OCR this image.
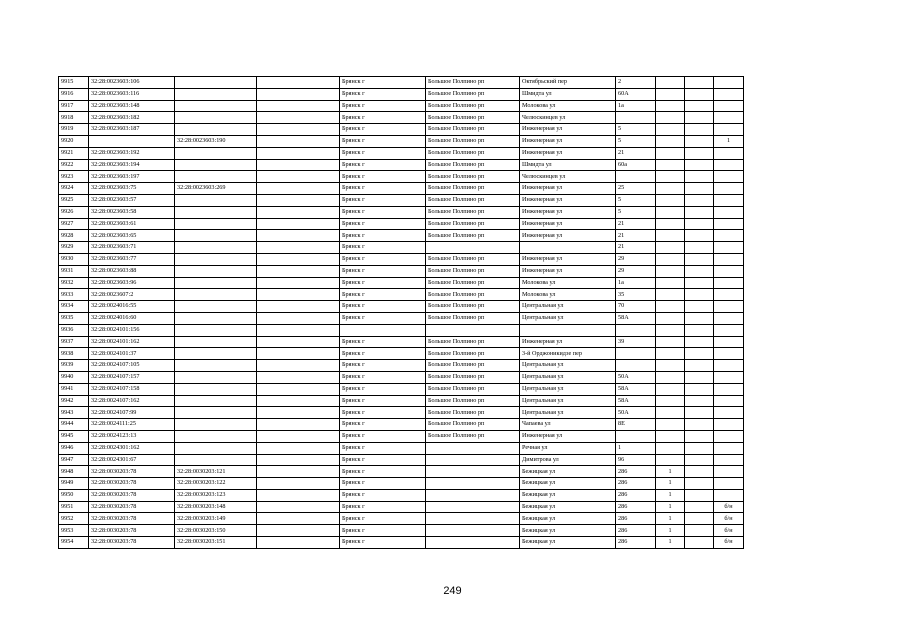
9915	32:28:0023603:106			Брянск г	Большое Полпино рп	Октябрьский пер	2			
9916	32:28:0023603:116			Брянск г	Большое Полпино рп	Шмидта ул	60А			
9917	32:28:0023603:148			Брянск г	Большое Полпино рп	Молокова ул	1а			
9918	32:28:0023603:182			Брянск г	Большое Полпино рп	Челюскинцев ул				
9919	32:28:0023603:187			Брянск г	Большое Полпино рп	Инженерная ул	5			
9920		32:28:0023603:190		Брянск г	Большое Полпино рп	Инженерная ул	5			1
9921	32:28:0023603:192			Брянск г	Большое Полпино рп	Инженерная ул	21			
9922	32:28:0023603:194			Брянск г	Большое Полпино рп	Шмидта ул	60а			
9923	32:28:0023603:197			Брянск г	Большое Полпино рп	Челюскинцев ул				
9924	32:28:0023603:75	32:28:0023603:269		Брянск г	Большое Полпино рп	Инженерная ул	25			
9925	32:28:0023603:57			Брянск г	Большое Полпино рп	Инженерная ул	5			
9926	32:28:0023603:58			Брянск г	Большое Полпино рп	Инженерная ул	5			
9927	32:28:0023603:61			Брянск г	Большое Полпино рп	Инженерная ул	21			
9928	32:28:0023603:65			Брянск г	Большое Полпино рп	Инженерная ул	21			
9929	32:28:0023603:71			Брянск г			21			
9930	32:28:0023603:77			Брянск г	Большое Полпино рп	Инженерная ул	29			
9931	32:28:0023603:88			Брянск г	Большое Полпино рп	Инженерная ул	29			
9932	32:28:0023603:96			Брянск г	Большое Полпино рп	Молокова ул	1а			
9933	32:28:0023607:2			Брянск г	Большое Полпино рп	Молокова ул	35			
9934	32:28:0024016:55			Брянск г	Большое Полпино рп	Центральная ул	70			
9935	32:28:0024016:60			Брянск г	Большое Полпино рп	Центральная ул	58А			
9936	32:28:0024101:156									
9937	32:28:0024101:162			Брянск г	Большое Полпино рп	Инженерная ул	39			
9938	32:28:0024101:37			Брянск г	Большое Полпино рп	3-й Орджоникидзе пер				
9939	32:28:0024107:105			Брянск г	Большое Полпино рп	Центральная ул				
9940	32:28:0024107:157			Брянск г	Большое Полпино рп	Центральная ул	50А			
9941	32:28:0024107:158			Брянск г	Большое Полпино рп	Центральная ул	58А			
9942	32:28:0024107:162			Брянск г	Большое Полпино рп	Центральная ул	58А			
9943	32:28:0024107:99			Брянск г	Большое Полпино рп	Центральная ул	50А			
9944	32:28:0024111:25			Брянск г	Большое Полпино рп	Чапаева ул	8Е			
9945	32:28:0024123:13			Брянск г	Большое Полпино рп	Инженерная ул				
9946	32:28:0024301:162			Брянск г		Речная ул	1			
9947	32:28:0024301:67			Брянск г		Димитрова ул	96			
9948	32:28:0030203:78	32:28:0030203:121		Брянск г		Бежицкая ул	286	1		
9949	32:28:0030203:78	32:28:0030203:122		Брянск г		Бежицкая ул	286	1		
9950	32:28:0030203:78	32:28:0030203:123		Брянск г		Бежицкая ул	286	1		
9951	32:28:0030203:78	32:28:0030203:148		Брянск г		Бежицкая ул	286	1		б/н
9952	32:28:0030203:78	32:28:0030203:149		Брянск г		Бежицкая ул	286	1		б/н
9953	32:28:0030203:78	32:28:0030203:150		Брянск г		Бежицкая ул	286	1		б/н
9954	32:28:0030203:78	32:28:0030203:151		Брянск г		Бежицкая ул	286	1		б/н
249
